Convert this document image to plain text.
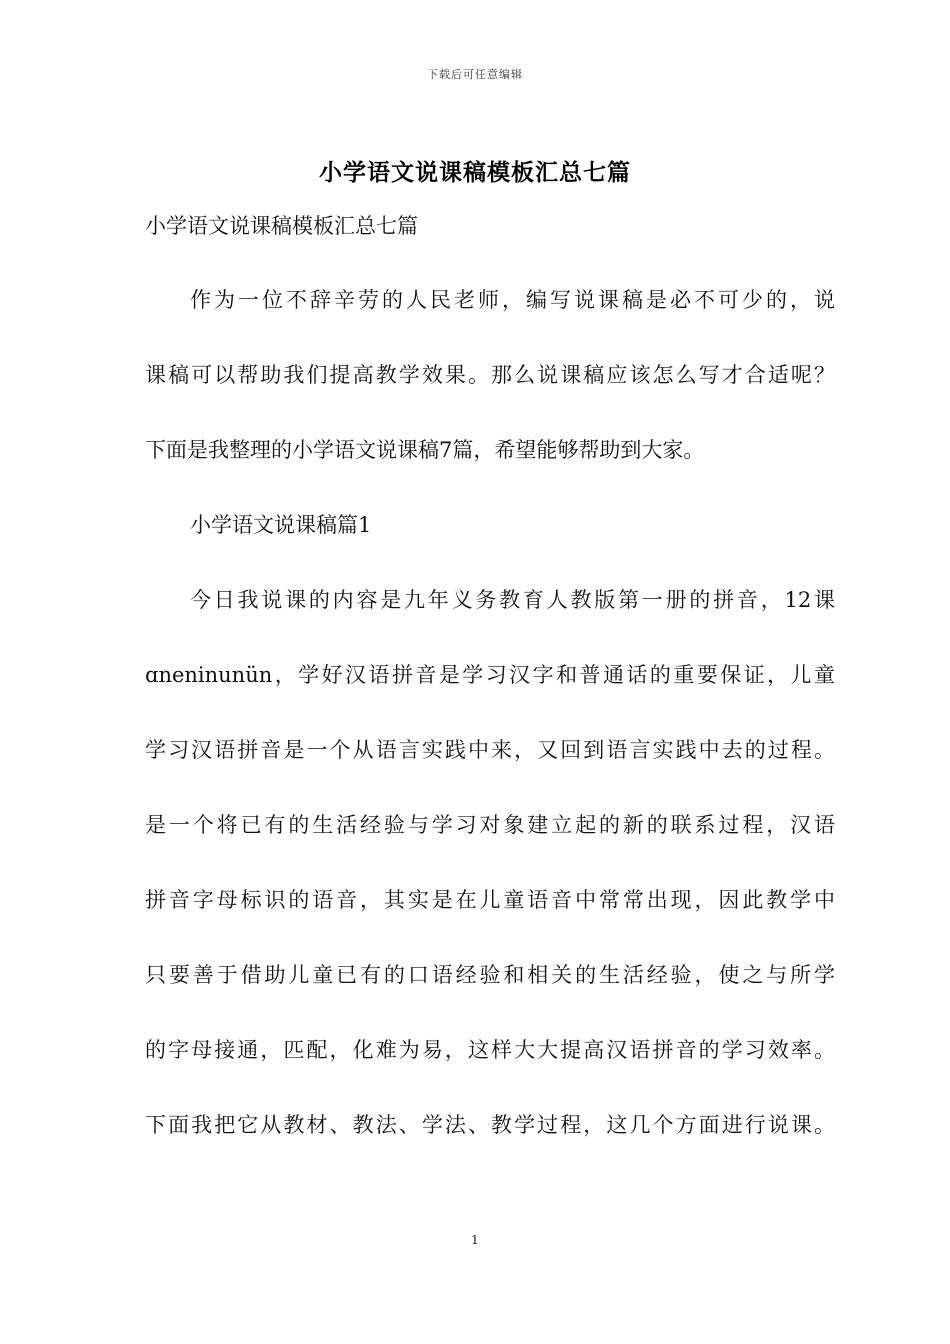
下载后可任意编辑
小学语文说课稿模板汇总七篇
小学语文说课稿模板汇总七篇
作为一位不辞辛劳的人民老师，编写说课稿是必不可少的，说
课稿可以帮助我们提高教学效果。那么说课稿应该怎么写才合适呢？
下面是我整理的小学语文说课稿7篇，希望能够帮助到大家。
小学语文说课稿篇1
今日我说课的内容是九年义务教育人教版第一册的拼音，12课
ɑneninunün，学好汉语拼音是学习汉字和普通话的重要保证，儿童
学习汉语拼音是一个从语言实践中来，又回到语言实践中去的过程。
是一个将已有的生活经验与学习对象建立起的新的联系过程，汉语
拼音字母标识的语音，其实是在儿童语音中常常出现，因此教学中
只要善于借助儿童已有的口语经验和相关的生活经验，使之与所学
的字母接通，匹配，化难为易，这样大大提高汉语拼音的学习效率。
下面我把它从教材、教法、学法、教学过程，这几个方面进行说课。
1
